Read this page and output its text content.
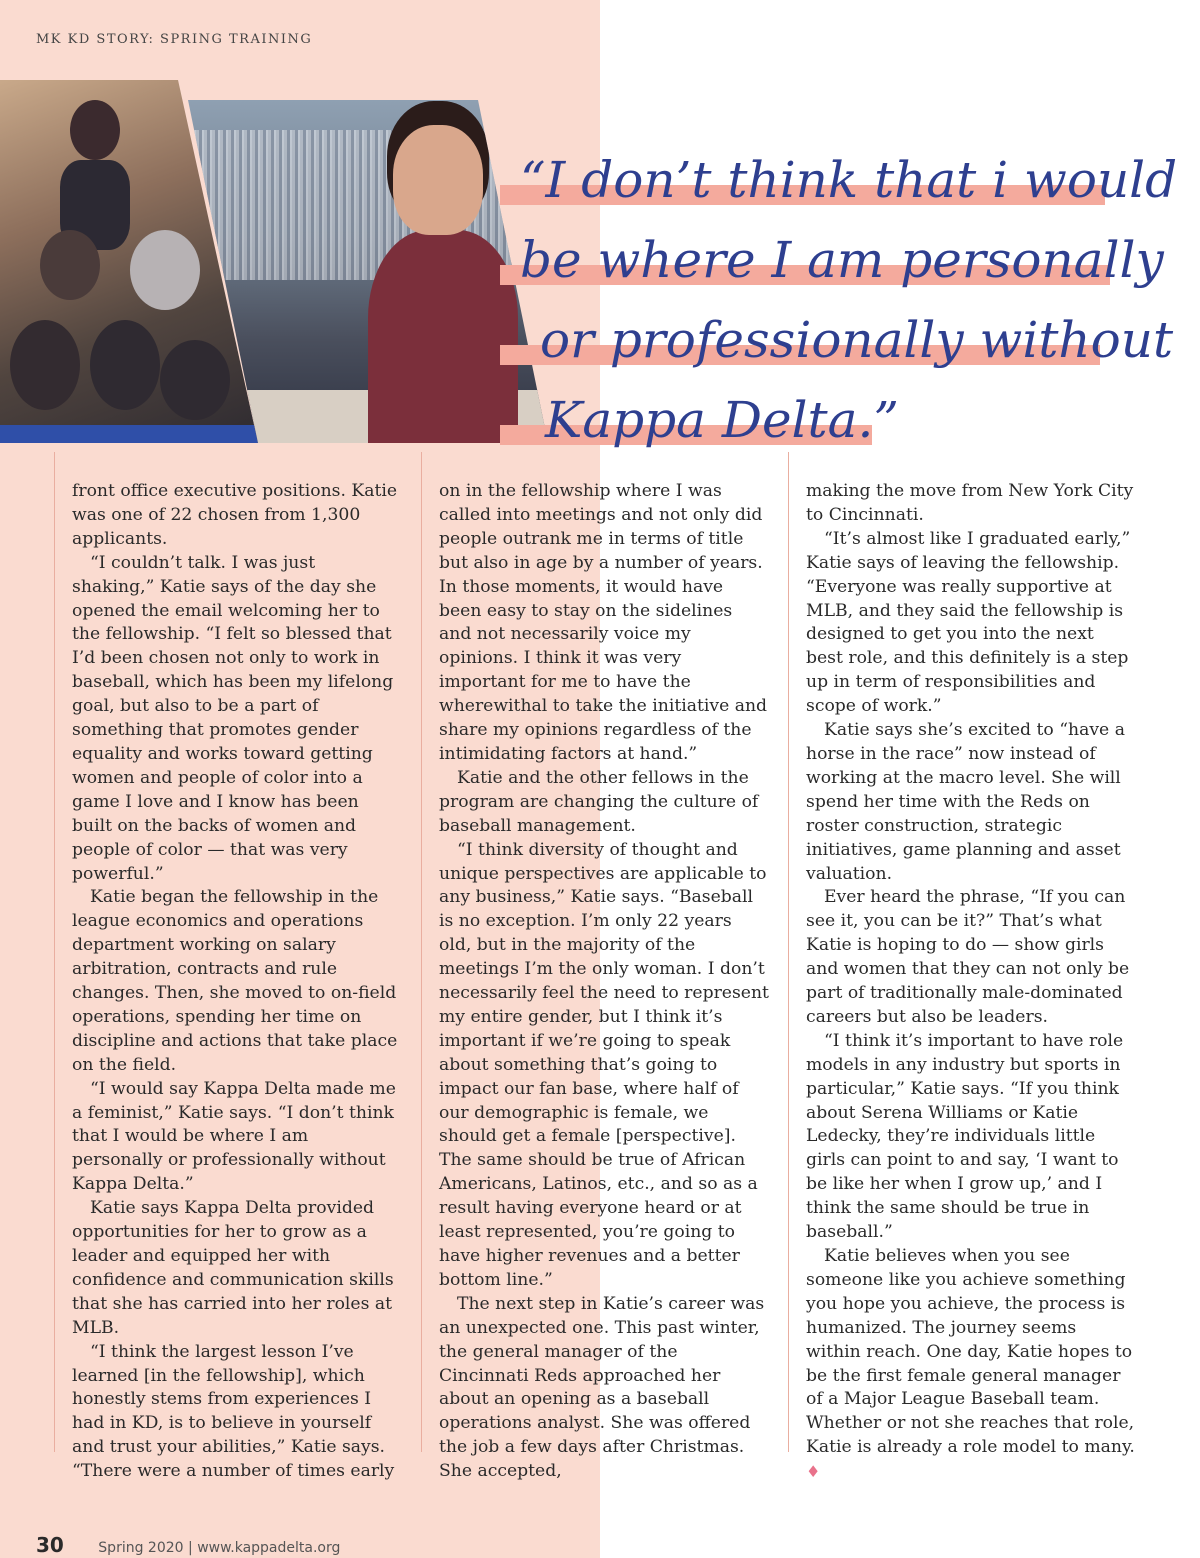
MK KD STORY: SPRING TRAINING
“I don’t think that i would
be where I am personally
or professionally without
Kappa Delta.”

front office executive positions. Katie was one of 22 chosen from 1,300 applicants.

“I couldn’t talk. I was just shaking,” Katie says of the day she opened the email welcoming her to the fellowship. “I felt so blessed that I’d been chosen not only to work in baseball, which has been my lifelong goal, but also to be a part of something that promotes gender equality and works toward getting women and people of color into a game I love and I know has been built on the backs of women and people of color — that was very powerful.”

Katie began the fellowship in the league economics and operations department working on salary arbitration, contracts and rule changes. Then, she moved to on-field operations, spending her time on discipline and actions that take place on the field.

“I would say Kappa Delta made me a feminist,” Katie says. “I don’t think that I would be where I am personally or professionally without Kappa Delta.”

Katie says Kappa Delta provided opportunities for her to grow as a leader and equipped her with confidence and communication skills that she has carried into her roles at MLB.

“I think the largest lesson I’ve learned [in the fellowship], which honestly stems from experiences I had in KD, is to believe in yourself and trust your abilities,” Katie says. “There were a number of times early

on in the fellowship where I was called into meetings and not only did people outrank me in terms of title but also in age by a number of years. In those moments, it would have been easy to stay on the sidelines and not necessarily voice my opinions. I think it was very important for me to have the wherewithal to take the initiative and share my opinions regardless of the intimidating factors at hand.”

Katie and the other fellows in the program are changing the culture of baseball management.

“I think diversity of thought and unique perspectives are applicable to any business,” Katie says. “Baseball is no exception. I’m only 22 years old, but in the majority of the meetings I’m the only woman. I don’t necessarily feel the need to represent my entire gender, but I think it’s important if we’re going to speak about something that’s going to impact our fan base, where half of our demographic is female, we should get a female [perspective]. The same should be true of African Americans, Latinos, etc., and so as a result having everyone heard or at least represented, you’re going to have higher revenues and a better bottom line.”

The next step in Katie’s career was an unexpected one. This past winter, the general manager of the Cincinnati Reds approached her about an opening as a baseball operations analyst. She was offered the job a few days after Christmas. She accepted,

making the move from New York City to Cincinnati.

“It’s almost like I graduated early,” Katie says of leaving the fellowship. “Everyone was really supportive at MLB, and they said the fellowship is designed to get you into the next best role, and this definitely is a step up in term of responsibilities and scope of work.”

Katie says she’s excited to “have a horse in the race” now instead of working at the macro level. She will spend her time with the Reds on roster construction, strategic initiatives, game planning and asset valuation.

Ever heard the phrase, “If you can see it, you can be it?” That’s what Katie is hoping to do — show girls and women that they can not only be part of traditionally male-dominated careers but also be leaders.

“I think it’s important to have role models in any industry but sports in particular,” Katie says. “If you think about Serena Williams or Katie Ledecky, they’re individuals little girls can point to and say, ‘I want to be like her when I grow up,’ and I think the same should be true in baseball.”

Katie believes when you see someone like you achieve something you hope you achieve, the process is humanized. The journey seems within reach. One day, Katie hopes to be the first female general manager of a Major League Baseball team. Whether or not she reaches that role, Katie is already a role model to many. ♦

30 Spring 2020 | www.kappadelta.org
